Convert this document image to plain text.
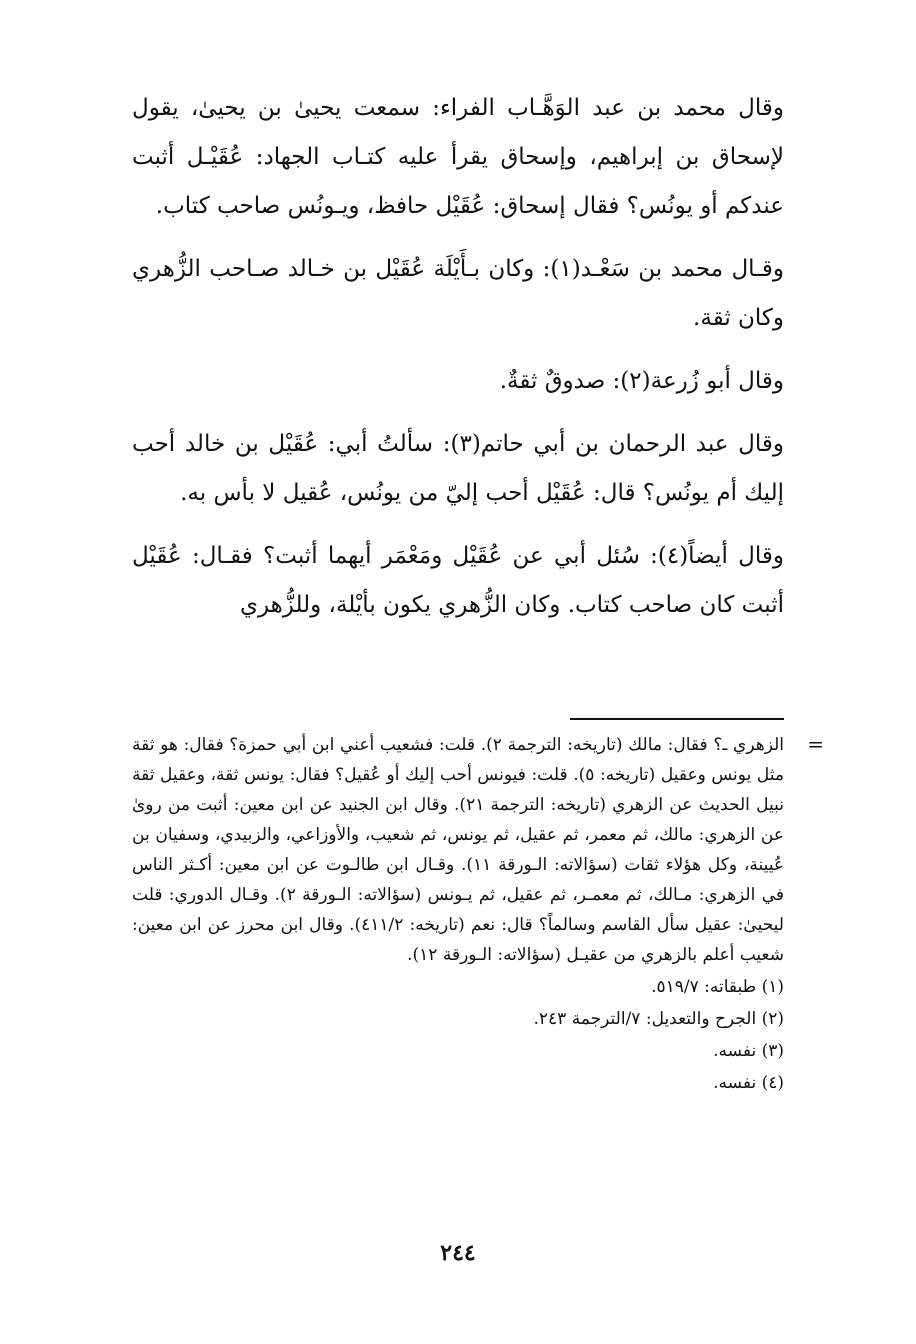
وقال محمد بن عبد الوَهَّـاب الفراء: سمعت يحيىٰ بن يحيىٰ، يقول لإسحاق بن إبراهيم، وإسحاق يقرأ عليه كتـاب الجهاد: عُقَيْـل أثبت عندكم أو يونُس؟ فقال إسحاق: عُقَيْل حافظ، ويـونُس صاحب كتاب.

وقـال محمد بن سَعْـد(١): وكان بـأَيْلَة عُقَيْل بن خـالد صـاحب الزُّهري وكان ثقة.

وقال أبو زُرعة(٢): صدوقٌ ثقةٌ.

وقال عبد الرحمان بن أبي حاتم(٣): سألتُ أبي: عُقَيْل بن خالد أحب إليك أم يونُس؟ قال: عُقَيْل أحب إليّ من يونُس، عُقيل لا بأس به.

وقال أيضاً(٤): سُئل أبي عن عُقَيْل ومَعْمَر أيهما أثبت؟ فقـال: عُقَيْل أثبت كان صاحب كتاب. وكان الزُّهري يكون بأيْلة، وللزُّهري

=

الزهري ـ؟ فقال: مالك (تاريخه: الترجمة ٢). قلت: فشعيب أعني ابن أبي حمزة؟ فقال: هو ثقة مثل يونس وعقيل (تاريخه: ٥). قلت: فيونس أحب إليك أو عُقيل؟ فقال: يونس ثقة، وعقيل ثقة نبيل الحديث عن الزهري (تاريخه: الترجمة ٢١). وقال ابن الجنيد عن ابن معين: أثبت من روىٰ عن الزهري: مالك، ثم معمر، ثم عقيل، ثم يونس، ثم شعيب، والأوزاعي، والزبيدي، وسفيان بن عُيينة، وكل هؤلاء ثقات (سؤالاته: الـورقة ١١). وقـال ابن طالـوت عن ابن معين: أكـثر الناس في الزهري: مـالك، ثم معمـر، ثم عقيل، ثم يـونس (سؤالاته: الـورقة ٢). وقـال الدوري: قلت ليحيىٰ: عقيل سأل القاسم وسالماً؟ قال: نعم (تاريخه: ٤١١/٢). وقال ابن محرز عن ابن معين: شعيب أعلم بالزهري من عقيـل (سؤالاته: الـورقة ١٢).

(١) طبقاته: ٥١٩/٧.

(٢) الجرح والتعديل: ٧/الترجمة ٢٤٣.

(٣) نفسه.

(٤) نفسه.

٢٤٤
